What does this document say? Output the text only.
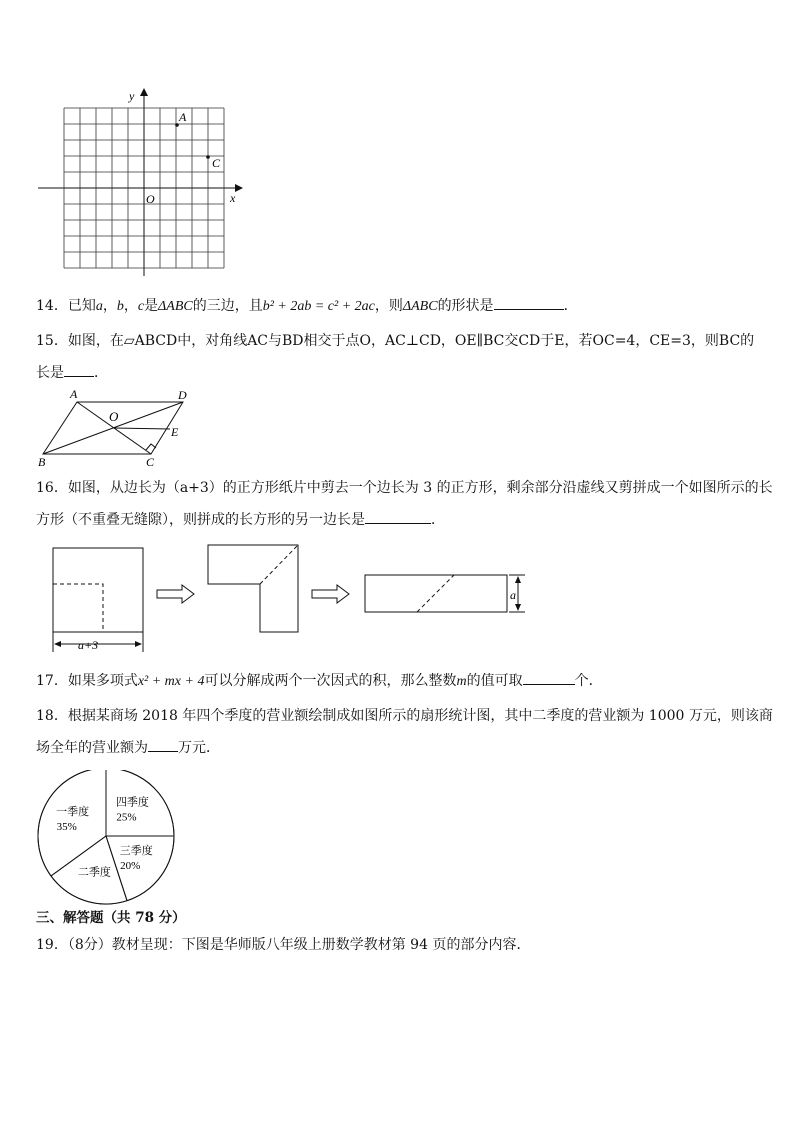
y
x
O
A
C
14．已知a，b，c是ΔABC的三边，且b² + 2ab = c² + 2ac，则ΔABC的形状是	．
15．如图，在▱ABCD中，对角线AC与BD相交于点O，AC⊥CD，OE∥BC交CD于E，若OC=4，CE=3，则BC的
长是 ．
A	D
O
E
B	C
16．如图，从边长为（a+3）的正方形纸片中剪去一个边长为 3 的正方形，剩余部分沿虚线又剪拼成一个如图所示的长
方形（不重叠无缝隙），则拼成的长方形的另一边长是	．
a+3
a
17．如果多项式x² + mx + 4可以分解成两个一次因式的积，那么整数m的值可取	个．
18．根据某商场 2018 年四个季度的营业额绘制成如图所示的扇形统计图，其中二季度的营业额为 1000 万元，则该商
场全年的营业额为 万元．
一季度
35%
四季度
25%
三季度
20%
二季度
三、解答题（共 78 分）
19．（8分）教材呈现：下图是华师版八年级上册数学教材第 94 页的部分内容．
